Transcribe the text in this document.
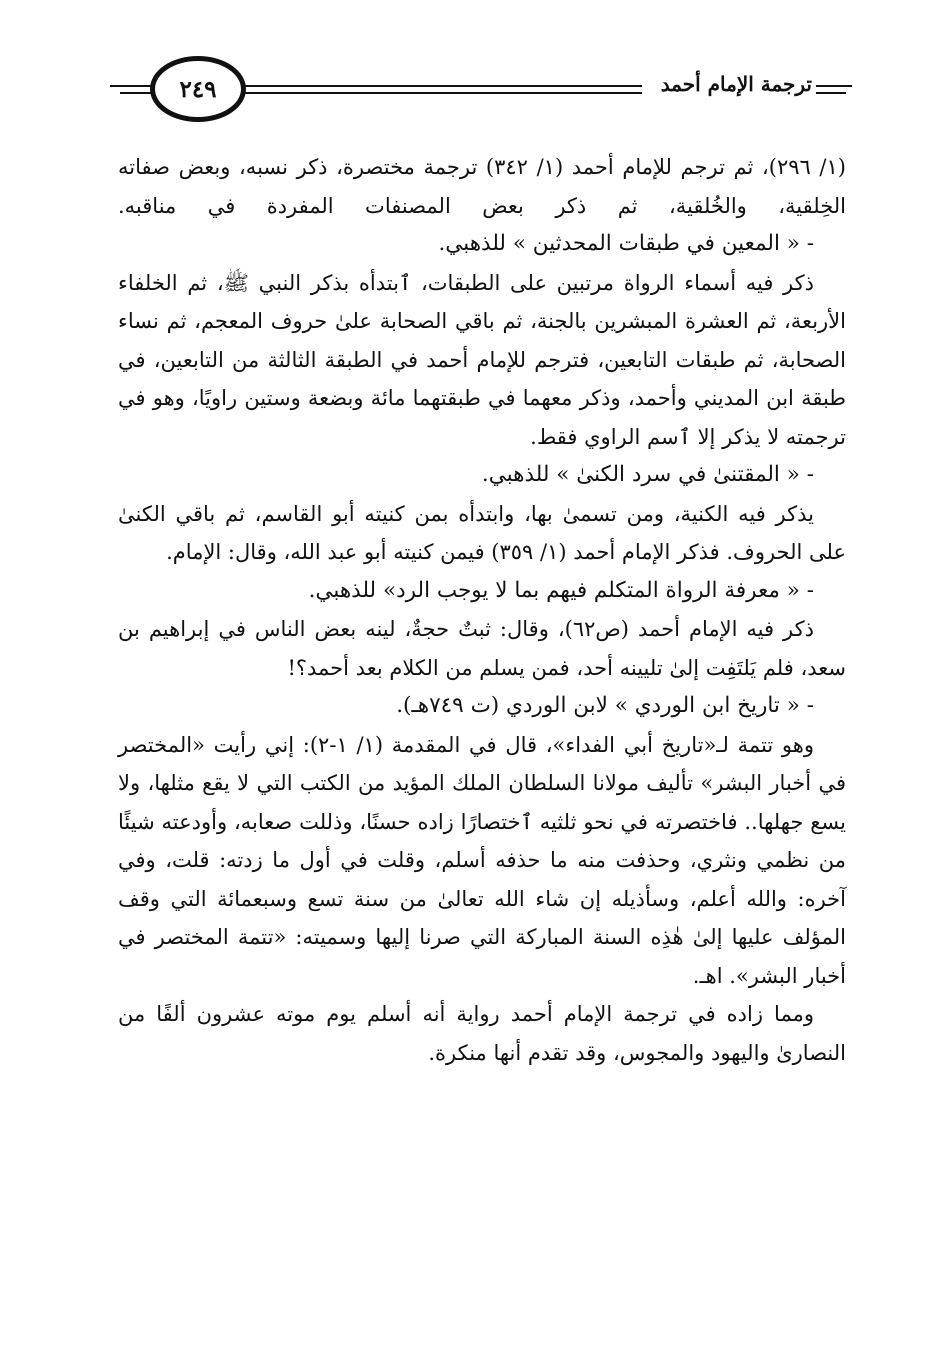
٢٤٩	ترجمة الإمام أحمد

(١/ ٢٩٦)، ثم ترجم للإمام أحمد (١/ ٣٤٢) ترجمة مختصرة، ذكر نسبه، وبعض صفاته الخِلقية، والخُلقية، ثم ذكر بعض المصنفات المفردة في مناقبه.

- « المعين في طبقات المحدثين » للذهبي.

ذكر فيه أسماء الرواة مرتبين على الطبقات، ٱبتدأه بذكر النبي ﷺ، ثم الخلفاء الأربعة، ثم العشرة المبشرين بالجنة، ثم باقي الصحابة علىٰ حروف المعجم، ثم نساء الصحابة، ثم طبقات التابعين، فترجم للإمام أحمد في الطبقة الثالثة من التابعين، في طبقة ابن المديني وأحمد، وذكر معهما في طبقتهما مائة وبضعة وستين راويًا، وهو في ترجمته لا يذكر إلا ٱسم الراوي فقط.

- « المقتنىٰ في سرد الكنىٰ » للذهبي.

يذكر فيه الكنية، ومن تسمىٰ بها، وابتدأه بمن كنيته أبو القاسم، ثم باقي الكنىٰ على الحروف. فذكر الإمام أحمد (١/ ٣٥٩) فيمن كنيته أبو عبد الله، وقال: الإمام.

- « معرفة الرواة المتكلم فيهم بما لا يوجب الرد» للذهبي.

ذكر فيه الإمام أحمد (ص٦٢)، وقال: ثبتٌ حجةٌ، لينه بعض الناس في إبراهيم بن سعد، فلم يَلتَفِت إلىٰ تليينه أحد، فمن يسلم من الكلام بعد أحمد؟!

- « تاريخ ابن الوردي » لابن الوردي (ت ٧٤٩هـ).

وهو تتمة لـ«تاريخ أبي الفداء»، قال في المقدمة (١/ ١-٢): إني رأيت «المختصر في أخبار البشر» تأليف مولانا السلطان الملك المؤيد من الكتب التي لا يقع مثلها، ولا يسع جهلها.. فاختصرته في نحو ثلثيه ٱختصارًا زاده حسنًا، وذللت صعابه، وأودعته شيئًا من نظمي ونثري، وحذفت منه ما حذفه أسلم، وقلت في أول ما زدته: قلت، وفي آخره: والله أعلم، وسأذيله إن شاء الله تعالىٰ من سنة تسع وسبعمائة التي وقف المؤلف عليها إلىٰ هٰذِه السنة المباركة التي صرنا إليها وسميته: «تتمة المختصر في أخبار البشر». اهـ.

ومما زاده في ترجمة الإمام أحمد رواية أنه أسلم يوم موته عشرون ألفًا من النصارىٰ واليهود والمجوس، وقد تقدم أنها منكرة.
